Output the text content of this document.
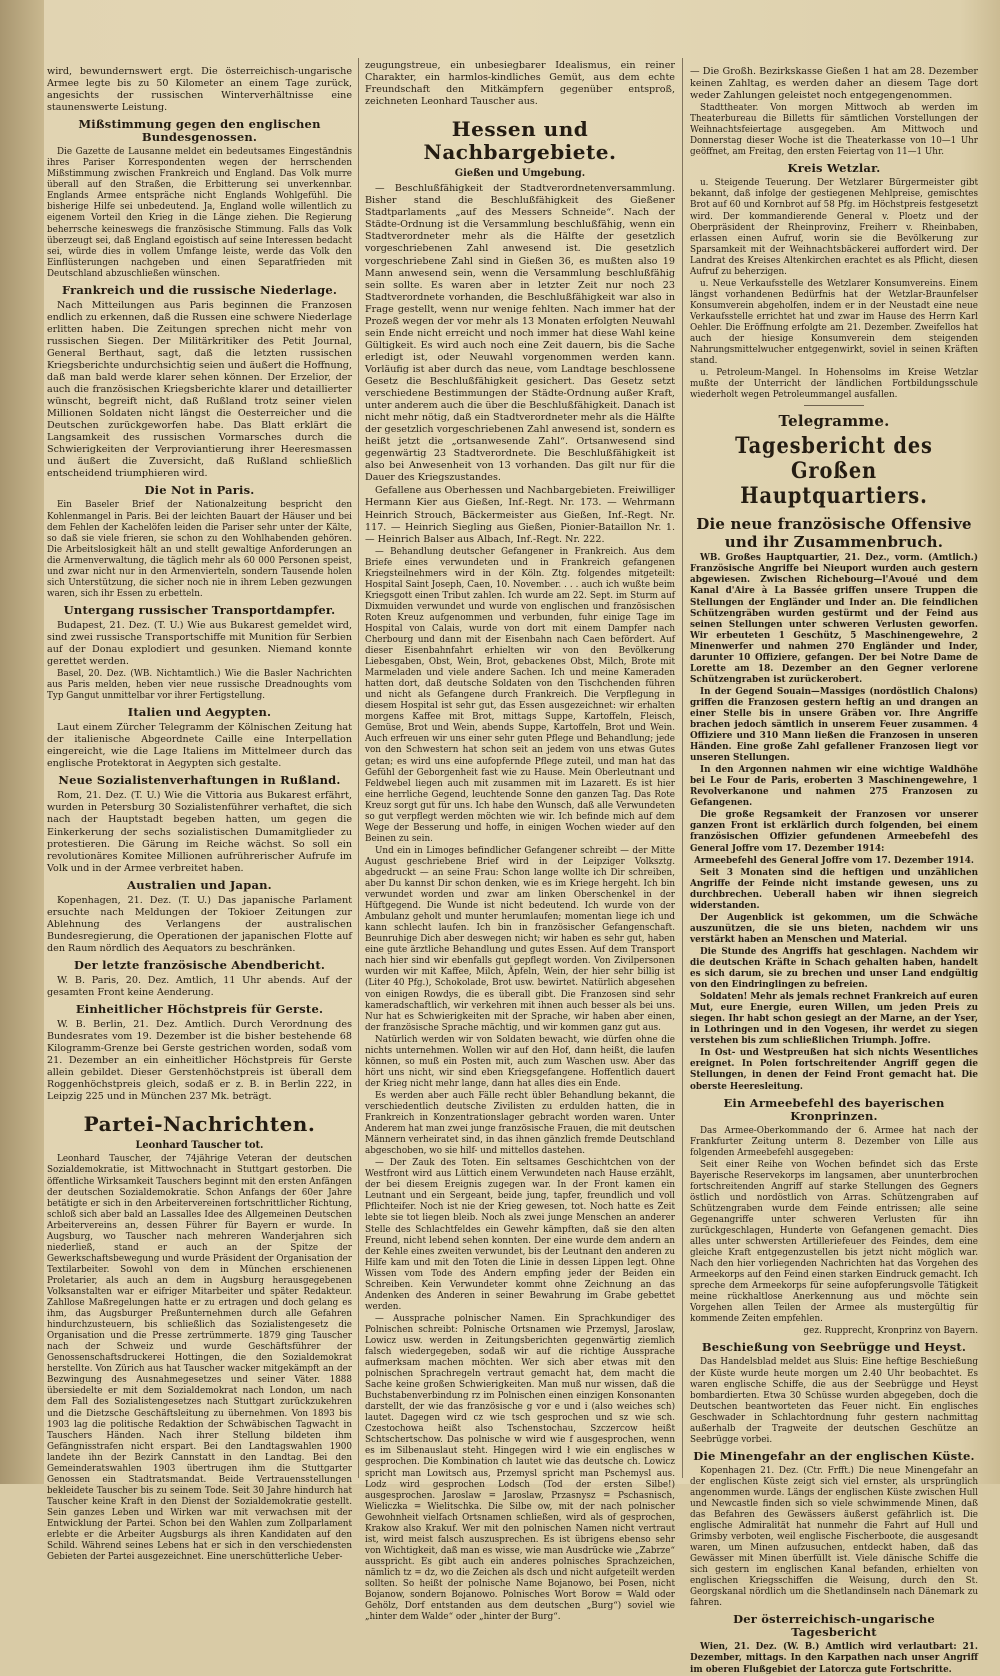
wird, bewundernswert ergt. Die österreichisch-ungarische Armee legte bis zu 50 Kilometer an einem Tage zurück, angesichts der russischen Winterverhältnisse eine staunenswerte Leistung.

Mißstimmung gegen den englischen Bundesgenossen.

Die Gazette de Lausanne meldet ein bedeutsames Eingeständnis ihres Pariser Korrespondenten wegen der herrschenden Mißstimmung zwischen Frankreich und England. Das Volk murre überall auf den Straßen, die Erbitterung sei unverkennbar. Englands Armee entspräche nicht Englands Wohlgefühl. Die bisherige Hilfe sei unbedeutend. Ja, England wolle willentlich zu eigenem Vorteil den Krieg in die Länge ziehen. Die Regierung beherrsche keineswegs die französische Stimmung. Falls das Volk überzeugt sei, daß England egoistisch auf seine Interessen bedacht sei, würde dies in vollem Umfange leiste, werde das Volk den Einflüsterungen nachgeben und einen Separatfrieden mit Deutschland abzuschließen wünschen.

Frankreich und die russische Niederlage.

Nach Mitteilungen aus Paris beginnen die Franzosen endlich zu erkennen, daß die Russen eine schwere Niederlage erlitten haben. Die Zeitungen sprechen nicht mehr von russischen Siegen. Der Militärkritiker des Petit Journal, General Berthaut, sagt, daß die letzten russischen Kriegsberichte undurchsichtig seien und äußert die Hoffnung, daß man bald werde klarer sehen können. Der Erzelior, der auch die französischen Kriegsberichte klarer und detaillierter wünscht, begreift nicht, daß Rußland trotz seiner vielen Millionen Soldaten nicht längst die Oesterreicher und die Deutschen zurückgeworfen habe. Das Blatt erklärt die Langsamkeit des russischen Vormarsches durch die Schwierigkeiten der Verproviantierung ihrer Heeresmassen und äußert die Zuversicht, daß Rußland schließlich entscheidend triumphieren wird.

Die Not in Paris.

Ein Baseler Brief der Nationalzeitung bespricht den Kohlenmangel in Paris. Bei der leichten Bauart der Häuser und bei dem Fehlen der Kachelöfen leiden die Pariser sehr unter der Kälte, so daß sie viele frieren, sie schon zu den Wohlhabenden gehören. Die Arbeitslosigkeit hält an und stellt gewaltige Anforderungen an die Armenverwaltung, die täglich mehr als 60 000 Personen speist, und zwar nicht nur in den Armenvierteln, sondern Tausende holen sich Unterstützung, die sicher noch nie in ihrem Leben gezwungen waren, sich ihr Essen zu erbetteln.

Untergang russischer Transportdampfer.

Budapest, 21. Dez. (T. U.) Wie aus Bukarest gemeldet wird, sind zwei russische Transportschiffe mit Munition für Serbien auf der Donau explodiert und gesunken. Niemand konnte gerettet werden.

Basel, 20. Dez. (WB. Nichtamtlich.) Wie die Basler Nachrichten aus Paris melden, heben vier neue russische Dreadnoughts vom Typ Gangut unmittelbar vor ihrer Fertigstellung.

Italien und Aegypten.

Laut einem Zürcher Telegramm der Kölnischen Zeitung hat der italienische Abgeordnete Caille eine Interpellation eingereicht, wie die Lage Italiens im Mittelmeer durch das englische Protektorat in Aegypten sich gestalte.

Neue Sozialistenverhaftungen in Rußland.

Rom, 21. Dez. (T. U.) Wie die Vittoria aus Bukarest erfährt, wurden in Petersburg 30 Sozialistenführer verhaftet, die sich nach der Hauptstadt begeben hatten, um gegen die Einkerkerung der sechs sozialistischen Dumamitglieder zu protestieren. Die Gärung im Reiche wächst. So soll ein revolutionäres Komitee Millionen aufrührerischer Aufrufe im Volk und in der Armee verbreitet haben.

Australien und Japan.

Kopenhagen, 21. Dez. (T. U.) Das japanische Parlament ersuchte nach Meldungen der Tokioer Zeitungen zur Ablehnung des Verlangens der australischen Bundesregierung, die Operationen der japanischen Flotte auf den Raum nördlich des Aequators zu beschränken.

Der letzte französische Abendbericht.

W. B. Paris, 20. Dez. Amtlich, 11 Uhr abends. Auf der gesamten Front keine Aenderung.

Einheitlicher Höchstpreis für Gerste.

W. B. Berlin, 21. Dez. Amtlich. Durch Verordnung des Bundesrates vom 19. Dezember ist die bisher bestehende 68 Kilogramm-Grenze bei Gerste gestrichen worden, sodaß vom 21. Dezember an ein einheitlicher Höchstpreis für Gerste allein gebildet. Dieser Gerstenhöchstpreis ist überall dem Roggenhöchstpreis gleich, sodaß er z. B. in Berlin 222, in Leipzig 225 und in München 237 Mk. beträgt.

Partei-Nachrichten.
Leonhard Tauscher tot.

Leonhard Tauscher, der 74jährige Veteran der deutschen Sozialdemokratie, ist Mittwochnacht in Stuttgart gestorben. Die öffentliche Wirksamkeit Tauschers beginnt mit den ersten Anfängen der deutschen Sozialdemokratie. Schon Anfangs der 60er Jahre betätigte er sich in den Arbeitervereinen fortschrittlicher Richtung, schloß sich aber bald an Lassalles Idee des Allgemeinen Deutschen Arbeitervereins an, dessen Führer für Bayern er wurde. In Augsburg, wo Tauscher nach mehreren Wanderjahren sich niederließ, stand er auch an der Spitze der Gewerkschaftsbewegung und wurde Präsident der Organisation der Textilarbeiter. Sowohl von dem in München erschienenen Proletarier, als auch an dem in Augsburg herausgegebenen Volksanstalten war er eifriger Mitarbeiter und später Redakteur. Zahllose Maßregelungen hatte er zu ertragen und doch gelang es ihm, das Augsburger Preßunternehmen durch alle Gefahren hindurchzusteuern, bis schließlich das Sozialistengesetz die Organisation und die Presse zertrümmerte. 1879 ging Tauscher nach der Schweiz und wurde Geschäftsführer der Genossenschaftsdruckerei Hottingen, die den Sozialdemokrat herstellte. Von Zürich aus hat Tauscher wacker mitgekämpft an der Bezwingung des Ausnahmegesetzes und seiner Väter. 1888 übersiedelte er mit dem Sozialdemokrat nach London, um nach dem Fall des Sozialistengesetzes nach Stuttgart zurückzukehren und die Dietzsche Geschäftsleitung zu übernehmen. Von 1893 bis 1903 lag die politische Redaktion der Schwäbischen Tagwacht in Tauschers Händen. Nach ihrer Stellung bildeten ihm Gefängnisstrafen nicht erspart. Bei den Landtagswahlen 1900 landete ihn der Bezirk Cannstatt in den Landtag. Bei den Gemeinderatswahlen 1903 übertrugen ihm die Stuttgarter Genossen ein Stadtratsmandat. Beide Vertrauensstellungen bekleidete Tauscher bis zu seinem Tode. Seit 30 Jahre hindurch hat Tauscher keine Kraft in den Dienst der Sozialdemokratie gestellt. Sein ganzes Leben und Wirken war mit verwachsen mit der Entwicklung der Partei. Schon bei den Wahlen zum Zollparlament erlebte er die Arbeiter Augsburgs als ihren Kandidaten auf den Schild. Während seines Lebens hat er sich in den verschiedensten Gebieten der Partei ausgezeichnet. Eine unerschütterliche Ueber-

zeugungstreue, ein unbesiegbarer Idealismus, ein reiner Charakter, ein harmlos-kindliches Gemüt, aus dem echte Freundschaft den Mitkämpfern gegenüber entsproß, zeichneten Leonhard Tauscher aus.

Hessen und Nachbargebiete.
Gießen und Umgebung.

— Beschlußfähigkeit der Stadtverordnetenversammlung. Bisher stand die Beschlußfähigkeit des Gießener Stadtparlaments „auf des Messers Schneide“. Nach der Städte-Ordnung ist die Versammlung beschlußfähig, wenn ein Stadtverordneter mehr als die Hälfte der gesetzlich vorgeschriebenen Zahl anwesend ist. Die gesetzlich vorgeschriebene Zahl sind in Gießen 36, es mußten also 19 Mann anwesend sein, wenn die Versammlung beschlußfähig sein sollte. Es waren aber in letzter Zeit nur noch 23 Stadtverordnete vorhanden, die Beschlußfähigkeit war also in Frage gestellt, wenn nur wenige fehlten. Nach immer hat der Prozeß wegen der vor mehr als 13 Monaten erfolgten Neuwahl sein Ende nicht erreicht und noch immer hat diese Wahl keine Gültigkeit. Es wird auch noch eine Zeit dauern, bis die Sache erledigt ist, oder Neuwahl vorgenommen werden kann. Vorläufig ist aber durch das neue, vom Landtage beschlossene Gesetz die Beschlußfähigkeit gesichert. Das Gesetz setzt verschiedene Bestimmungen der Städte-Ordnung außer Kraft, unter anderem auch die über die Beschlußfähigkeit. Danach ist nicht mehr nötig, daß ein Stadtverordneter mehr als die Hälfte der gesetzlich vorgeschriebenen Zahl anwesend ist, sondern es heißt jetzt die „ortsanwesende Zahl“. Ortsanwesend sind gegenwärtig 23 Stadtverordnete. Die Beschlußfähigkeit ist also bei Anwesenheit von 13 vorhanden. Das gilt nur für die Dauer des Kriegszustandes.

Gefallene aus Oberhessen und Nachbargebieten. Freiwilliger Hermann Kier aus Gießen, Inf.-Regt. Nr. 173. — Wehrmann Heinrich Strouch, Bäckermeister aus Gießen, Inf.-Regt. Nr. 117. — Heinrich Siegling aus Gießen, Pionier-Bataillon Nr. 1. — Heinrich Balser aus Albach, Inf.-Regt. Nr. 222.

— Behandlung deutscher Gefangener in Frankreich. Aus dem Briefe eines verwundeten und in Frankreich gefangenen Kriegsteilnehmers wird in der Köln. Ztg. folgendes mitgeteilt: Hospital Saint Joseph, Caen, 10. November. . . . auch ich wußte beim Kriegsgott einen Tribut zahlen. Ich wurde am 22. Sept. im Sturm auf Dixmuiden verwundet und wurde von englischen und französischen Roten Kreuz aufgenommen und verbunden, fuhr einige Tage im Hospital von Calais, wurde von dort mit einem Dampfer nach Cherbourg und dann mit der Eisenbahn nach Caen befördert. Auf dieser Eisenbahnfahrt erhielten wir von den Bevölkerung Liebesgaben, Obst, Wein, Brot, gebackenes Obst, Milch, Brote mit Marmeladen und viele andere Sachen. Ich und meine Kameraden hatten dort, daß deutsche Soldaten von den Tischchenden führen und nicht als Gefangene durch Frankreich. Die Verpflegung in diesem Hospital ist sehr gut, das Essen ausgezeichnet: wir erhalten morgens Kaffee mit Brot, mittags Suppe, Kartoffeln, Fleisch, Gemüse, Brot und Wein, abends Suppe, Kartoffeln, Brot und Wein. Auch erfreuen wir uns einer sehr guten Pflege und Behandlung; jede von den Schwestern hat schon seit an jedem von uns etwas Gutes getan; es wird uns eine aufopfernde Pflege zuteil, und man hat das Gefühl der Geborgenheit fast wie zu Hause. Mein Oberleutnant und Feldwebel liegen auch mit zusammen mit im Lazarett. Es ist hier eine herrliche Gegend, leuchtende Sonne den ganzen Tag. Das Rote Kreuz sorgt gut für uns. Ich habe den Wunsch, daß alle Verwundeten so gut verpflegt werden möchten wie wir. Ich befinde mich auf dem Wege der Besserung und hoffe, in einigen Wochen wieder auf den Beinen zu sein.

Und ein in Limoges befindlicher Gefangener schreibt — der Mitte August geschriebene Brief wird in der Leipziger Volksztg. abgedruckt — an seine Frau: Schon lange wollte ich Dir schreiben, aber Du kannst Dir schon denken, wie es im Kriege hergeht. Ich bin verwundet worden und zwar am linken Oberschenkel in der Hüftgegend. Die Wunde ist nicht bedeutend. Ich wurde von der Ambulanz geholt und munter herumlaufen; momentan liege ich und kann schlecht laufen. Ich bin in französischer Gefangenschaft. Beunruhige Dich aber deswegen nicht; wir haben es sehr gut, haben eine gute ärztliche Behandlung und gutes Essen. Auf dem Transport nach hier sind wir ebenfalls gut gepflegt worden. Von Zivilpersonen wurden wir mit Kaffee, Milch, Äpfeln, Wein, der hier sehr billig ist (Liter 40 Pfg.), Schokolade, Brot usw. bewirtet. Natürlich abgesehen von einigen Rowdys, die es überall gibt. Die Franzosen sind sehr kameradschaftlich, wir verkehren mit ihnen auch besser als bei uns. Nur hat es Schwierigkeiten mit der Sprache, wir haben aber einen, der französische Sprache mächtig, und wir kommen ganz gut aus.

Natürlich werden wir von Soldaten bewacht, wie dürfen ohne die nichts unternehmen. Wollen wir auf den Hof, dann heißt, die laufen können, so muß ein Posten mit, auch zum Waschen usw. Aber das hört uns nicht, wir sind eben Kriegsgefangene. Hoffentlich dauert der Krieg nicht mehr lange, dann hat alles dies ein Ende.

Es werden aber auch Fälle recht übler Behandlung bekannt, die verschiedentlich deutsche Zivilisten zu erdulden hatten, die in Frankreich in Konzentrationslager gebracht worden waren. Unter Anderem hat man zwei junge französische Frauen, die mit deutschen Männern verheiratet sind, in das ihnen gänzlich fremde Deutschland abgeschoben, wo sie hilf- und mittellos dastehen.

— Der Zauk des Toten. Ein seltsames Geschichtchen von der Westfront wird aus Lüttich einem Verwundeten nach Hause erzählt, der bei diesem Ereignis zugegen war. In der Front kamen ein Leutnant und ein Sergeant, beide jung, tapfer, freundlich und voll Pflichteifer. Noch ist nie der Krieg gewesen, tot. Noch hatte es Zeit lebte sie tot liegen bleib. Noch als zwei junge Menschen an anderer Stelle des Schlachtfeldes ein Gewehr kämpften, daß sie den alten Freund, nicht lebend sehen konnten. Der eine wurde dem andern an der Kehle eines zweiten verwundet, bis der Leutnant den anderen zu Hilfe kam und mit den Toten die Linie in dessen Lippen legt. Ohne Wissen vom Tode des Andern empfing jeder der Beiden ein Schreiben. Kein Verwundeter kommt ohne Zeichnung an das Andenken des Anderen in seiner Bewahrung im Grabe gebettet werden.

— Aussprache polnischer Namen. Ein Sprachkundiger des Polnischen schreibt: Polnische Ortsnamen wie Przemysl, Jaroslaw, Lowicz usw. werden in Zeitungsberichten gegenwärtig ziemlich falsch wiedergegeben, sodaß wir auf die richtige Aussprache aufmerksam machen möchten. Wer sich aber etwas mit den polnischen Sprachregeln vertraut gemacht hat, dem macht die Sache keine großen Schwierigkeiten. Man muß nur wissen, daß die Buchstabenverbindung rz im Polnischen einen einzigen Konsonanten darstellt, der wie das französische g vor e und i (also weiches sch) lautet. Dagegen wird cz wie tsch gesprochen und sz wie sch. Czestochowa heißt also Tschenstochau, Szczercow heißt Schtschertschow. Das polnische w wird wie f ausgesprochen, wenn es im Silbenauslaut steht. Hingegen wird ł wie ein englisches w gesprochen. Die Kombination ch lautet wie das deutsche ch. Lowicz spricht man Lowitsch aus, Przemysl spricht man Pschemysl aus. Lodz wird gesprochen Lodsch (Tod der ersten Silbe!) ausgesprochen. Jaroslaw = Jaroslaw, Przasnysz = Pschasnisch, Wieliczka = Wielitschka. Die Silbe ow, mit der nach polnischer Gewohnheit vielfach Ortsnamen schließen, wird als of gesprochen, Krakow also Krakuf. Wer mit den polnischen Namen nicht vertraut ist, wird meist falsch auszusprechen. Es ist übrigens ebenso sehr von Wichtigkeit, daß man es wisse, wie man Ausdrücke wie „Zabrze“ ausspricht. Es gibt auch ein anderes polnisches Sprachzeichen, nämlich tz = dz, wo die Zeichen als dsch und nicht aufgeteilt werden sollten. So heißt der polnische Name Bojanowo, bei Posen, nicht Bojanow, sondern Bojanowo. Polnisches Wort Borow = Wald oder Gehölz, Dorf entstanden aus dem deutschen „Burg“) soviel wie „hinter dem Walde“ oder „hinter der Burg“.

— Die Großh. Bezirkskasse Gießen 1 hat am 28. Dezember keinen Zahltag, es werden daher an diesem Tage dort weder Zahlungen geleistet noch entgegengenommen.

Stadttheater. Von morgen Mittwoch ab werden im Theaterbureau die Billetts für sämtlichen Vorstellungen der Weihnachtsfeiertage ausgegeben. Am Mittwoch und Donnerstag dieser Woche ist die Theaterkasse von 10—1 Uhr geöffnet, am Freitag, den ersten Feiertag von 11—1 Uhr.

Kreis Wetzlar.

u. Steigende Teuerung. Der Wetzlarer Bürgermeister gibt bekannt, daß infolge der gestiegenen Mehlpreise, gemischtes Brot auf 60 und Kornbrot auf 58 Pfg. im Höchstpreis festgesetzt wird. Der kommandierende General v. Ploetz und der Oberpräsident der Rheinprovinz, Freiherr v. Rheinbaben, erlassen einen Aufruf, worin sie die Bevölkerung zur Sparsamkeit mit der Weihnachtsbäckerei auffordert wird. Der Landrat des Kreises Altenkirchen erachtet es als Pflicht, diesen Aufruf zu beherzigen.

u. Neue Verkaufsstelle des Wetzlarer Konsumvereins. Einem längst vorhandenen Bedürfnis hat der Wetzlar-Braunfelser Konsumverein abgeholfen, indem er in der Neustadt eine neue Verkaufsstelle errichtet hat und zwar im Hause des Herrn Karl Oehler. Die Eröffnung erfolgte am 21. Dezember. Zweifellos hat auch der hiesige Konsumverein dem steigenden Nahrungsmittelwucher entgegenwirkt, soviel in seinen Kräften stand.

u. Petroleum-Mangel. In Hohensolms im Kreise Wetzlar mußte der Unterricht der ländlichen Fortbildungsschule wiederholt wegen Petroleummangel ausfallen.

Telegramme.
Tagesbericht des Großen Hauptquartiers.
Die neue französische Offensive und ihr Zusammenbruch.

WB. Großes Hauptquartier, 21. Dez., vorm. (Amtlich.) Französische Angriffe bei Nieuport wurden auch gestern abgewiesen. Zwischen Richebourg—l'Avoué und dem Kanal d'Aire à La Bassée griffen unsere Truppen die Stellungen der Engländer und Inder an. Die feindlichen Schützengräben wurden gestürmt und der Feind aus seinen Stellungen unter schweren Verlusten geworfen. Wir erbeuteten 1 Geschütz, 5 Maschinengewehre, 2 Minenwerfer und nahmen 270 Engländer und Inder, darunter 10 Offiziere, gefangen. Der bei Notre Dame de Lorette am 18. Dezember an den Gegner verlorene Schützengraben ist zurückerobert.

In der Gegend Souain—Massiges (nordöstlich Chalons) griffen die Franzosen gestern heftig an und drangen an einer Stelle bis in unsere Gräben vor. Ihre Angriffe brachen jedoch sämtlich in unserem Feuer zusammen. 4 Offiziere und 310 Mann ließen die Franzosen in unseren Händen. Eine große Zahl gefallener Franzosen liegt vor unseren Stellungen.

In den Argonnen nahmen wir eine wichtige Waldhöhe bei Le Four de Paris, eroberten 3 Maschinengewehre, 1 Revolverkanone und nahmen 275 Franzosen zu Gefangenen.

Die große Regsamkeit der Franzosen vor unserer ganzen Front ist erklärlich durch folgenden, bei einem französischen Offizier gefundenen Armeebefehl des General Joffre vom 17. Dezember 1914:

Armeebefehl des General Joffre vom 17. Dezember 1914.

Seit 3 Monaten sind die heftigen und unzählichen Angriffe der Feinde nicht imstande gewesen, uns zu durchbrechen. Ueberall haben wir ihnen siegreich widerstanden.

Der Augenblick ist gekommen, um die Schwäche auszunützen, die sie uns bieten, nachdem wir uns verstärkt haben an Menschen und Material.

Die Stunde des Angriffs hat geschlagen. Nachdem wir die deutschen Kräfte in Schach gehalten haben, handelt es sich darum, sie zu brechen und unser Land endgültig von den Eindringlingen zu befreien.

Soldaten! Mehr als jemals rechnet Frankreich auf euren Mut, eure Energie, euren Willen, um jeden Preis zu siegen. Ihr habt schon gesiegt an der Marne, an der Yser, in Lothringen und in den Vogesen, ihr werdet zu siegen verstehen bis zum schließlichen Triumph. Joffre.

In Ost- und Westpreußen hat sich nichts Wesentliches ereignet. In Polen fortschreitender Angriff gegen die Stellungen, in denen der Feind Front gemacht hat. Die oberste Heeresleitung.

Ein Armeebefehl des bayerischen Kronprinzen.

Das Armee-Oberkommando der 6. Armee hat nach der Frankfurter Zeitung unterm 8. Dezember von Lille aus folgenden Armeebefehl ausgegeben:

Seit einer Reihe von Wochen befindet sich das Erste Bayerische Reservekorps im langsamen, aber ununterbrochen fortschreitenden Angriff auf starke Stellungen des Gegners östlich und nordöstlich von Arras. Schützengraben auf Schützengraben wurde dem Feinde entrissen; alle seine Gegenangriffe unter schweren Verlusten für ihn zurückgeschlagen, Hunderte von Gefangenen gemacht. Dies alles unter schwersten Artilleriefeuer des Feindes, dem eine gleiche Kraft entgegenzustellen bis jetzt nicht möglich war. Nach den hier vorliegenden Nachrichten hat das Vorgehen des Armeekorps auf den Feind einen starken Eindruck gemacht. Ich spreche dem Armeekorps für seine aufopferungsvolle Tätigkeit meine rückhaltlose Anerkennung aus und möchte sein Vorgehen allen Teilen der Armee als mustergültig für kommende Zeiten empfehlen.

gez. Rupprecht, Kronprinz von Bayern.

Beschießung von Seebrügge und Heyst.

Das Handelsblad meldet aus Sluis: Eine heftige Beschießung der Küste wurde heute morgen um 2.40 Uhr beobachtet. Es waren englische Schiffe, die aus der Seebrügge und Heyst bombardierten. Etwa 30 Schüsse wurden abgegeben, doch die Deutschen beantworteten das Feuer nicht. Ein englisches Geschwader in Schlachtordnung fuhr gestern nachmittag außerhalb der Tragweite der deutschen Geschütze an Seebrügge vorbei.

Die Minengefahr an der englischen Küste.

Kopenhagen 21. Dez. (Ctr. Frfft.) Die neue Minengefahr an der englischen Küste zeigt sich viel ernster, als ursprünglich angenommen wurde. Längs der englischen Küste zwischen Hull und Newcastle finden sich so viele schwimmende Minen, daß das Befahren des Gewässers äußerst gefährlich ist. Die englische Admiralität hat nunmehr die Fahrt auf Hull und Grimsby verboten, weil englische Fischerboote, die ausgesandt waren, um Minen aufzusuchen, entdeckt haben, daß das Gewässer mit Minen überfüllt ist. Viele dänische Schiffe die sich gestern im englischen Kanal befanden, erhielten von englischen Kriegsschiffen die Weisung, durch den St. Georgskanal nördlich um die Shetlandinseln nach Dänemark zu fahren.

Der österreichisch-ungarische Tagesbericht

Wien, 21. Dez. (W. B.) Amtlich wird verlautbart: 21. Dezember, mittags. In den Karpathen nach unser Angriff im oberen Flußgebiet der Latorcza gute Fortschritte.
